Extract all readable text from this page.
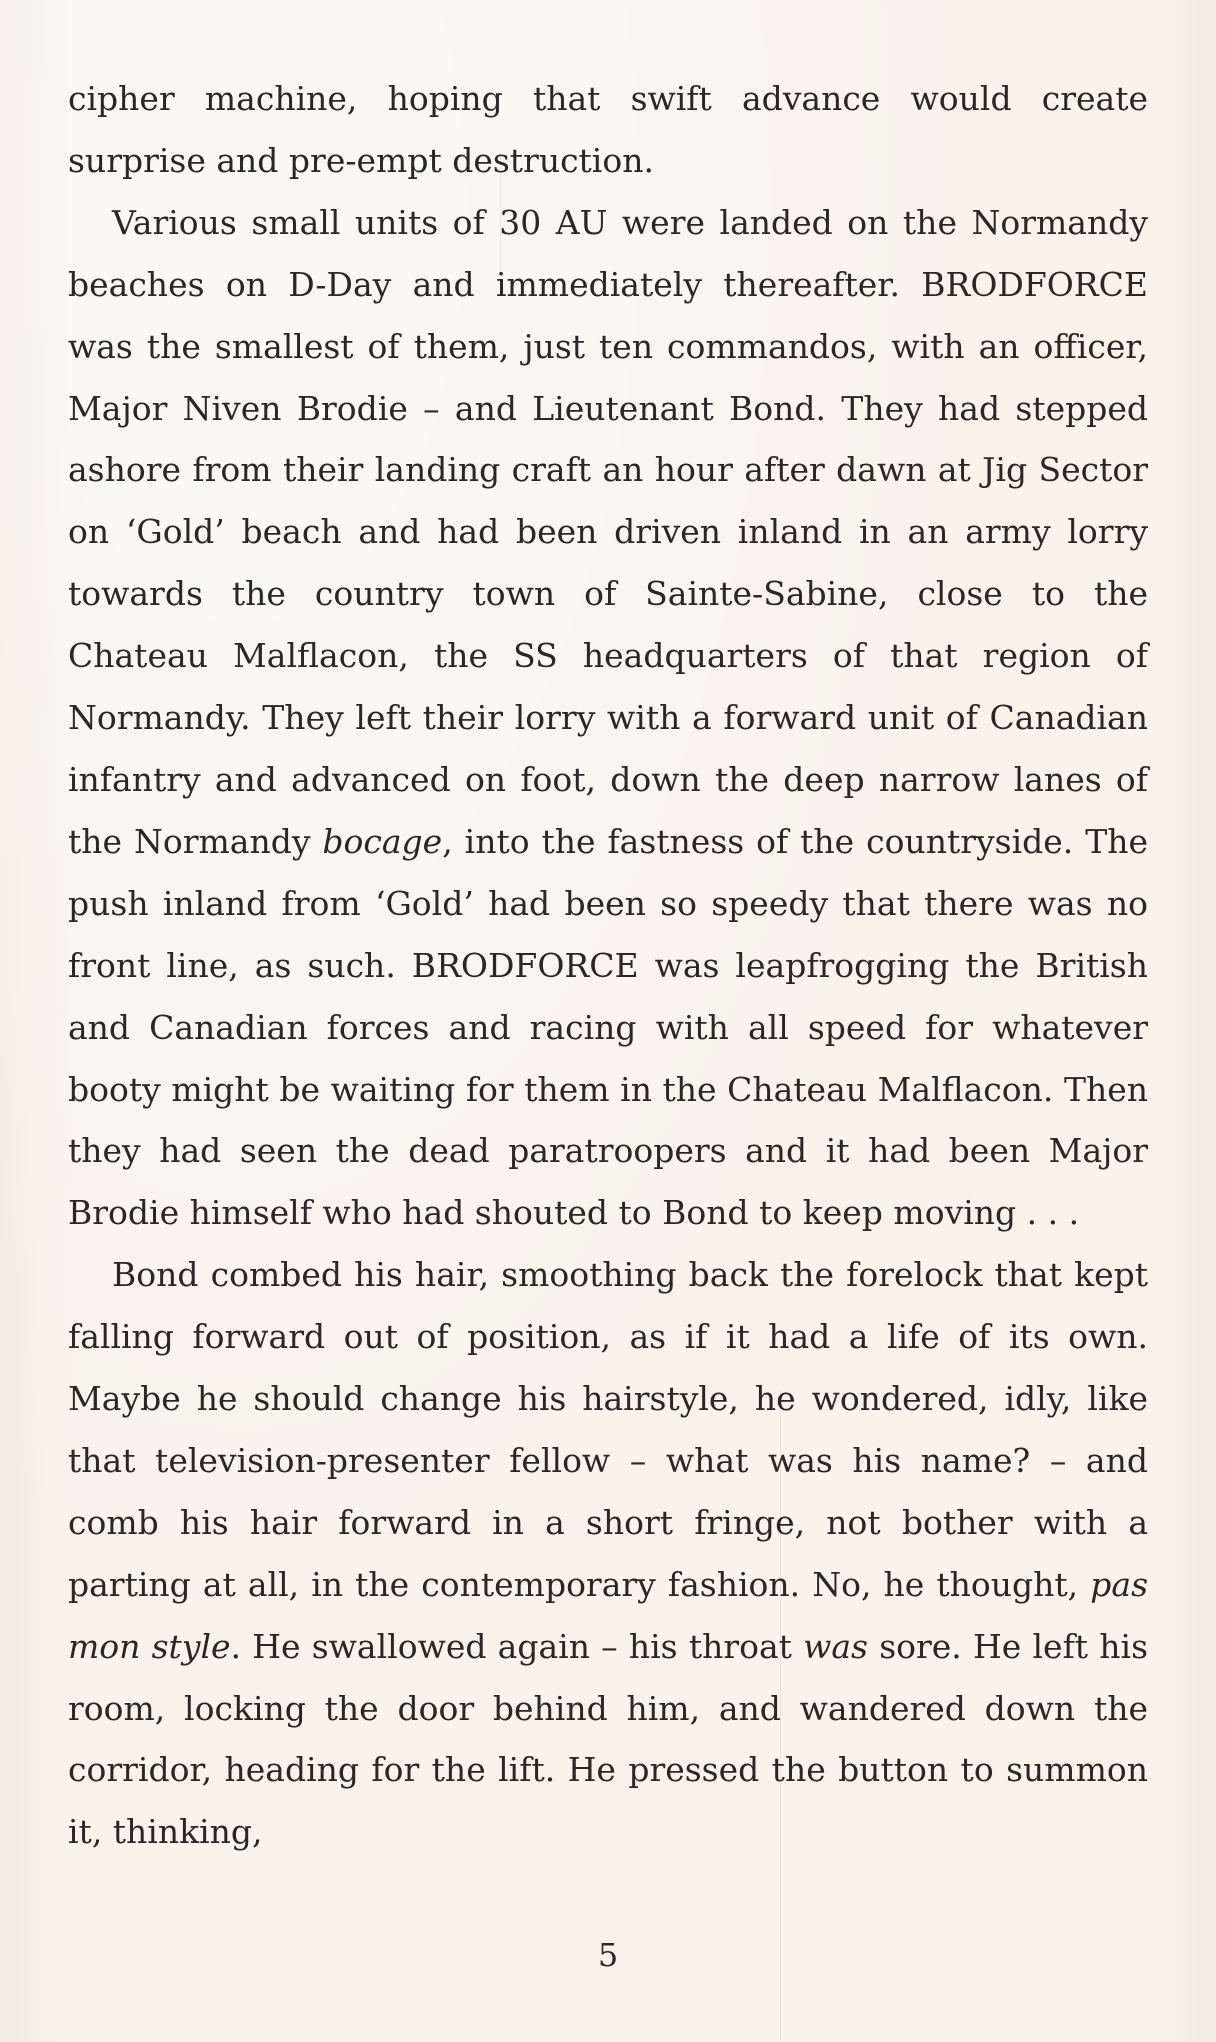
cipher machine, hoping that swift advance would create surprise and pre-empt destruction.

Various small units of 30 AU were landed on the Normandy beaches on D-Day and immediately thereafter. BRODFORCE was the smallest of them, just ten commandos, with an officer, Major Niven Brodie – and Lieutenant Bond. They had stepped ashore from their landing craft an hour after dawn at Jig Sector on ‘Gold’ beach and had been driven inland in an army lorry towards the country town of Sainte-Sabine, close to the Chateau Malflacon, the SS headquarters of that region of Normandy. They left their lorry with a forward unit of Canadian infantry and advanced on foot, down the deep narrow lanes of the Normandy bocage, into the fastness of the countryside. The push inland from ‘Gold’ had been so speedy that there was no front line, as such. BRODFORCE was leapfrogging the British and Canadian forces and racing with all speed for whatever booty might be waiting for them in the Chateau Malflacon. Then they had seen the dead paratroopers and it had been Major Brodie himself who had shouted to Bond to keep moving . . .

Bond combed his hair, smoothing back the forelock that kept falling forward out of position, as if it had a life of its own. Maybe he should change his hairstyle, he wondered, idly, like that television-presenter fellow – what was his name? – and comb his hair forward in a short fringe, not bother with a parting at all, in the contemporary fashion. No, he thought, pas mon style. He swallowed again – his throat was sore. He left his room, locking the door behind him, and wandered down the corridor, heading for the lift. He pressed the button to summon it, thinking,

5
